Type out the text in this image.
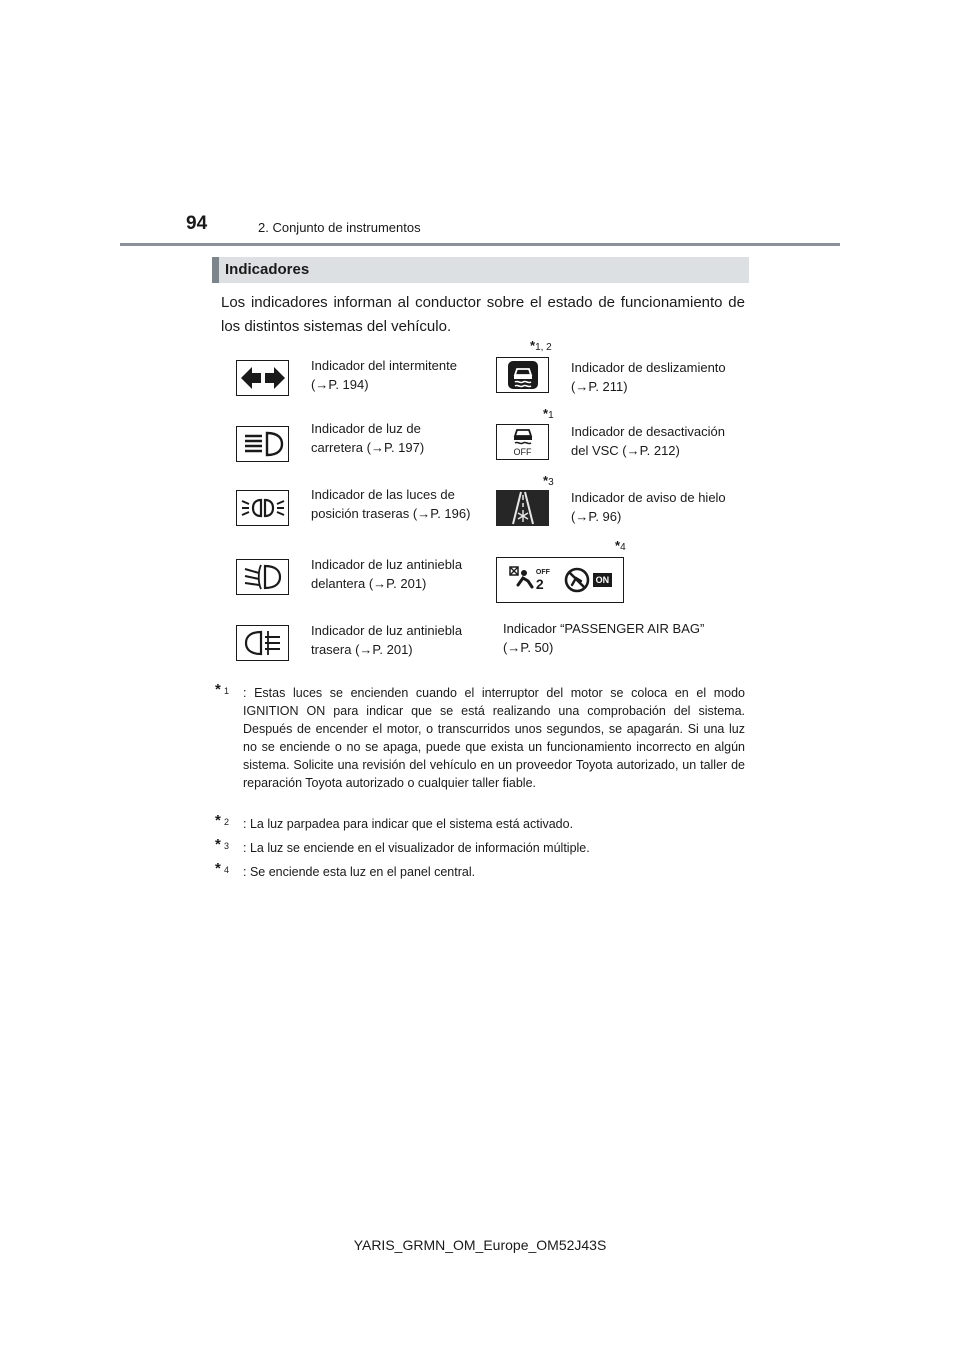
94	2. Conjunto de instrumentos
Indicadores
Los indicadores informan al conductor sobre el estado de funcionamiento de los distintos sistemas del vehículo.
Indicador del intermitente
(→P. 194)
Indicador de luz de
carretera (→P. 197)
Indicador de las luces de
posición traseras (→P. 196)
Indicador de luz antiniebla
delantera (→P. 201)
Indicador de luz antiniebla
trasera (→P. 201)
*1, 2
Indicador de deslizamiento
(→P. 211)
*1
OFF
Indicador de desactivación
del VSC (→P. 212)
*3
Indicador de aviso de hielo
(→P. 96)
*4
OFF
2	ON
Indicador “PASSENGER AIR BAG”
(→P. 50)
* 1 : Estas luces se encienden cuando el interruptor del motor se coloca en el modo IGNITION ON para indicar que se está realizando una comprobación del sistema. Después de encender el motor, o transcurridos unos segundos, se apagarán. Si una luz no se enciende o no se apaga, puede que exista un funcionamiento incorrecto en algún sistema. Solicite una revisión del vehículo en un proveedor Toyota autorizado, un taller de reparación Toyota autorizado o cualquier taller fiable.
* 2 : La luz parpadea para indicar que el sistema está activado.
* 3 : La luz se enciende en el visualizador de información múltiple.
* 4 : Se enciende esta luz en el panel central.
YARIS_GRMN_OM_Europe_OM52J43S
